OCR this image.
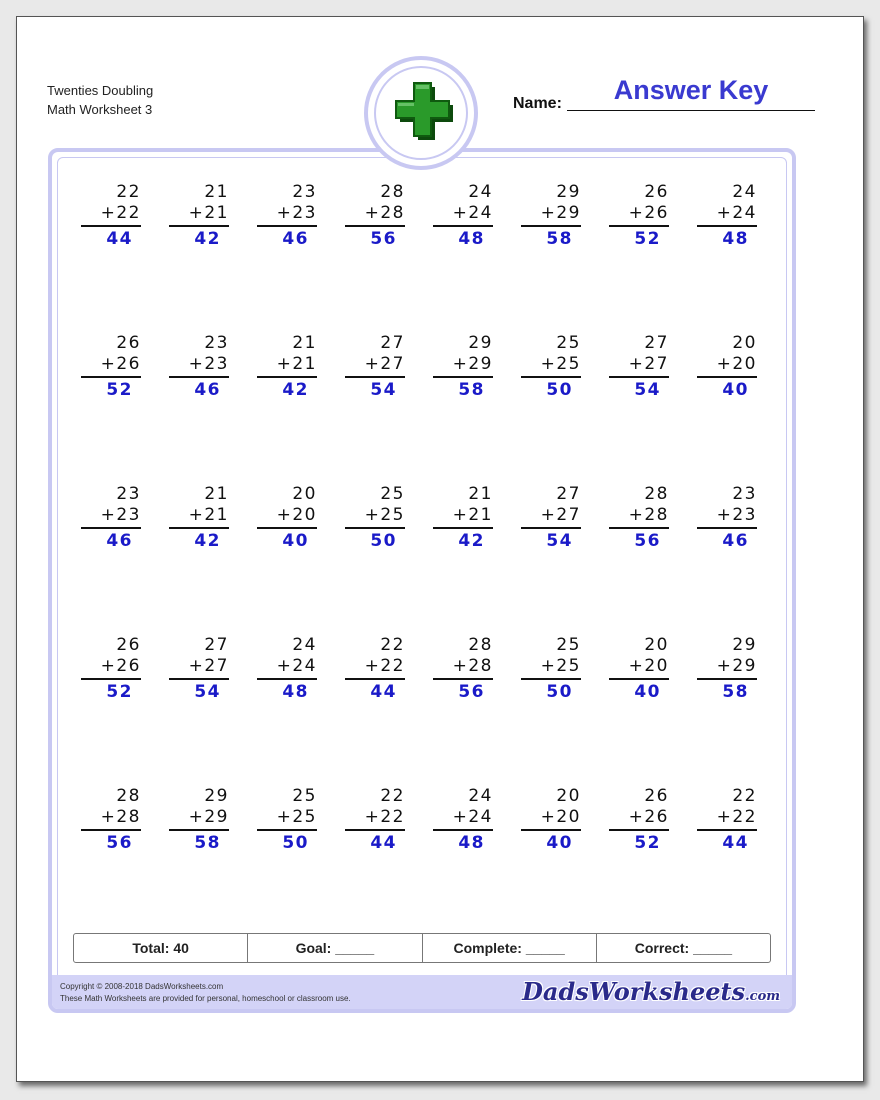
Twenties Doubling
Math Worksheet 3	Name:	Answer Key
22
+22
44
21
+21
42
23
+23
46
28
+28
56
24
+24
48
29
+29
58
26
+26
52
24
+24
48
26
+26
52
23
+23
46
21
+21
42
27
+27
54
29
+29
58
25
+25
50
27
+27
54
20
+20
40
23
+23
46
21
+21
42
20
+20
40
25
+25
50
21
+21
42
27
+27
54
28
+28
56
23
+23
46
26
+26
52
27
+27
54
24
+24
48
22
+22
44
28
+28
56
25
+25
50
20
+20
40
29
+29
58
28
+28
56
29
+29
58
25
+25
50
22
+22
44
24
+24
48
20
+20
40
26
+26
52
22
+22
44
Total: 40	Goal: _____	Complete: _____	Correct: _____
Copyright © 2008-2018 DadsWorksheets.com
These Math Worksheets are provided for personal, homeschool or classroom use.	DadsWorksheets.com
